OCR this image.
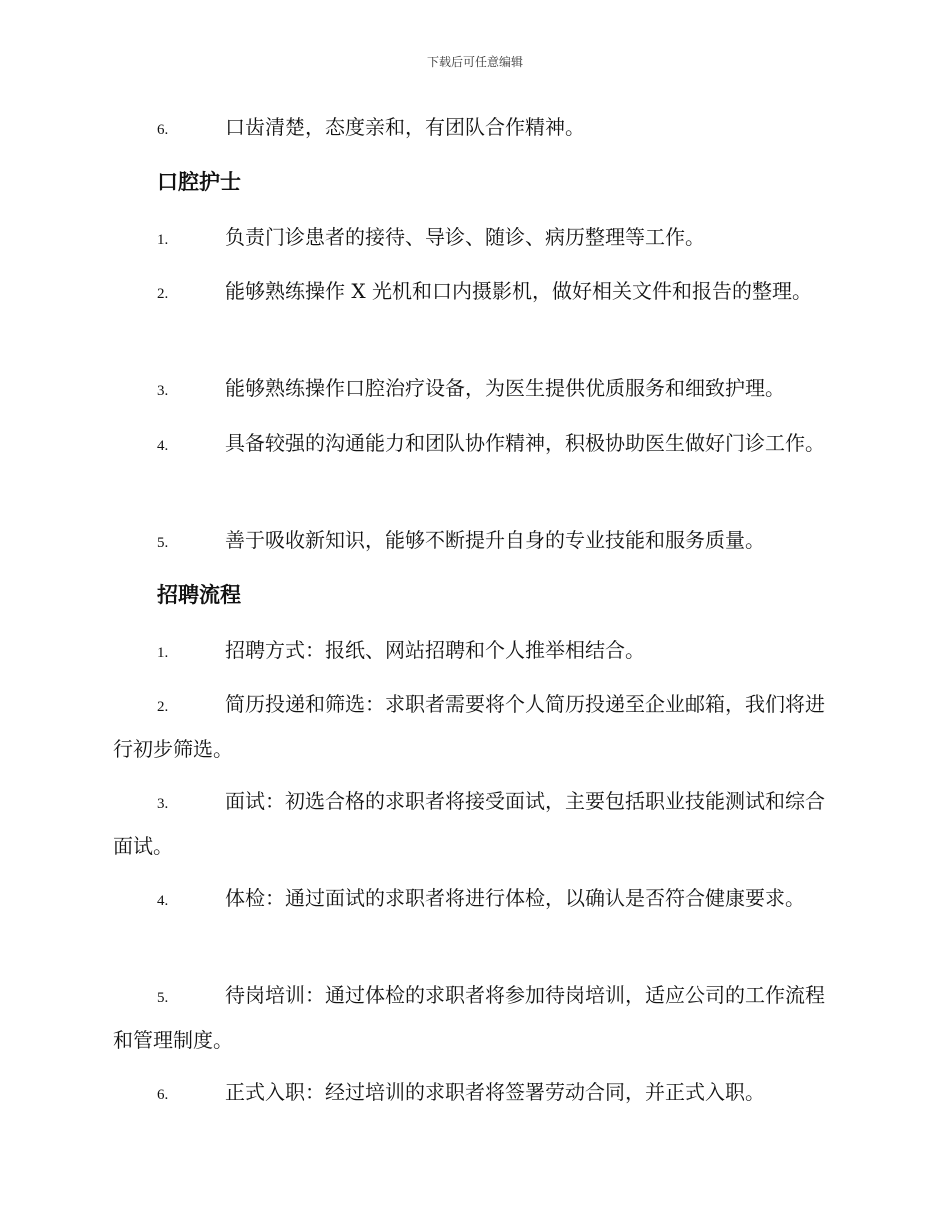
下载后可任意编辑
6.	口齿清楚，态度亲和，有团队合作精神。
口腔护士
1.	负责门诊患者的接待、导诊、随诊、病历整理等工作。
2.	能够熟练操作 X 光机和口内摄影机，做好相关文件和报告的整理。
3.	能够熟练操作口腔治疗设备，为医生提供优质服务和细致护理。
4.	具备较强的沟通能力和团队协作精神，积极协助医生做好门诊工作。
5.	善于吸收新知识，能够不断提升自身的专业技能和服务质量。
招聘流程
1.	招聘方式：报纸、网站招聘和个人推举相结合。
2.	简历投递和筛选：求职者需要将个人简历投递至企业邮箱，我们将进行初步筛选。
3.	面试：初选合格的求职者将接受面试，主要包括职业技能测试和综合面试。
4.	体检：通过面试的求职者将进行体检，以确认是否符合健康要求。
5.	待岗培训：通过体检的求职者将参加待岗培训，适应公司的工作流程和管理制度。
6.	正式入职：经过培训的求职者将签署劳动合同，并正式入职。
